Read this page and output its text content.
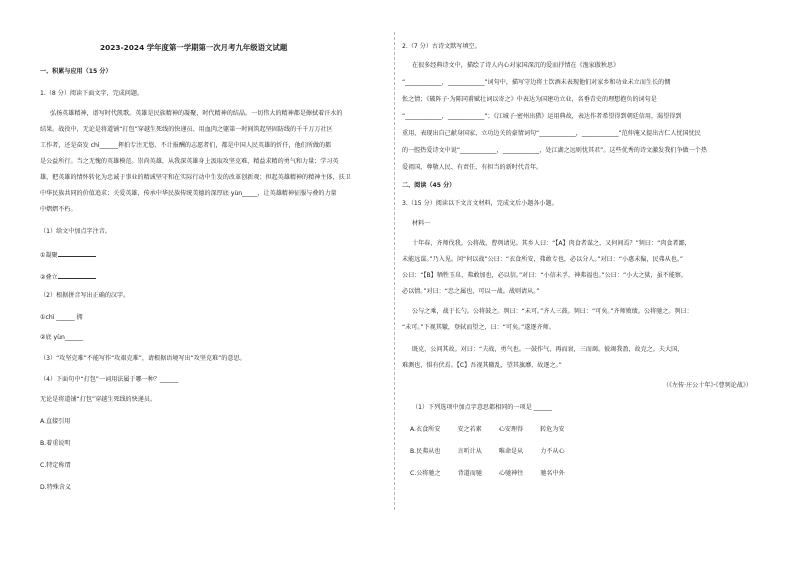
2023-2024 学年度第一学期第一次月考九年级语文试题
一、积累与应用（15 分）
1.（8 分）阅读下面文字，完成问题。
弘扬英雄精神，谱写时代凯歌。英雄是民族精神的凝聚，时代精神的结晶。一切伟大的精神都是擦拭着汗水的
结果。战役中，无论是将道铺“打包”穿越生死线的快递员、用血肉之躯第一时间筑起坚固防线的千千万万社区
工作者，还是奋发 chì______挥拍专注无悠、不计报酬的志愿者们，都是中国人民英雄的忻仟，他们所做的都
是公益所行。当之无愧的英雄模范。崇尚英雄，从我深英雄身上汲取攻坚克难、精益求精的勇气和力量；学习英
雄，把英雄的情怀转化为忠诚于事业的精诚坚守和在实际行动中生发的改革创新观；担起英雄精神的精神主体，扶卫
中华民族共同的价值追求；关爱英雄，传承中华民族传统美德的深厚底 yùn_____，让英雄精神征服与叠的力量
中熠熠不朽。
（1）给文中加点字注音。
①凝聚
②叠立
（2）根据拼音写出正确的汉字。
①chì ______ 拥
②底 yùn______
（3）“攻坚克难”不能写作“攻艰克难”，请根据语境写出“攻坚克难”的意思。
（4）下面句中“打包”一词用法属于哪一种？______
无论是将道铺“打包”穿越生死线的快递员。
A.直接引用
B.着重说明
C.特定称谓
D.特殊含义
2.（7 分）古诗文默写填空。
在很多经典诗文中，描绘了诗人内心对家国深沉的爱而抒情在《渔家傲秋思》
“____________，____________”词句中，描写守边将士饮酒未表现他们对家乡和功业未立而生长的惆
怅之情；《破阵子·为陈同甫赋壮词以寄之》中表达为国建功立业，名垂青史的理想抱负的词句是
“____________，____________”；《江城子·密州出猎》运用典故，表达作者希望得到朝廷信用，渴望得到
重用，表现出自己献身国家、立功边关的豪情词句“____________，____________”范仲淹又提出古仁人忧国忧民
的一腔热爱诗文中说“____________，____________，处江湖之远则忧其君”。这些优秀的诗文激发我们争做一个热
爱祖国、尊敬人民、有责任、有担当的新时代青年。
二、阅读（45 分）
3.（15 分）阅读以下文言文材料，完成文后小题各小题。
材料一
十年春，齐师伐我。公将战，曹刿请见。其乡人曰：“【A】肉食者谋之，又何间焉？”刿曰：“肉食者鄙，
未能远谋。”乃入见。问“何以战”公曰：“衣食所安，弗敢专也，必以分人。”对曰：“小惠未徧，民弗从也。”
公曰：“【B】牺牲玉帛，弗敢加也，必以信。”对曰：“小信未孚，神弗福也。”公曰：“小大之狱，虽不能察，
必以情。”对曰：“忠之属也，可以一战。战则请从。”
公与之乘，战于长勺。公将鼓之。刿曰：“未可。”齐人三鼓。刿曰：“可矣。”齐师败绩。公将驰之。刿曰：
“未可。”下视其辙，登轼而望之，曰：“可矣。”遂逐齐师。
既克，公问其故。对曰：“夫战，勇气也。一鼓作气，再而衰，三而竭。彼竭我盈，故克之。夫大国，
难测也，惧有伏焉。【C】吾视其辙乱，望其旗靡，故逐之。”
（《左传·庄公十年》·《曹刿论战》）
（1）下列选项中加点字意思都相同的一项是 ______
A.衣食所安	安之若素	心安理得	转危为安
B.民弗从也	言听计从	唯命是从	力不从心
C.公将驰之	背道而驰	心驰神往	驰名中外
